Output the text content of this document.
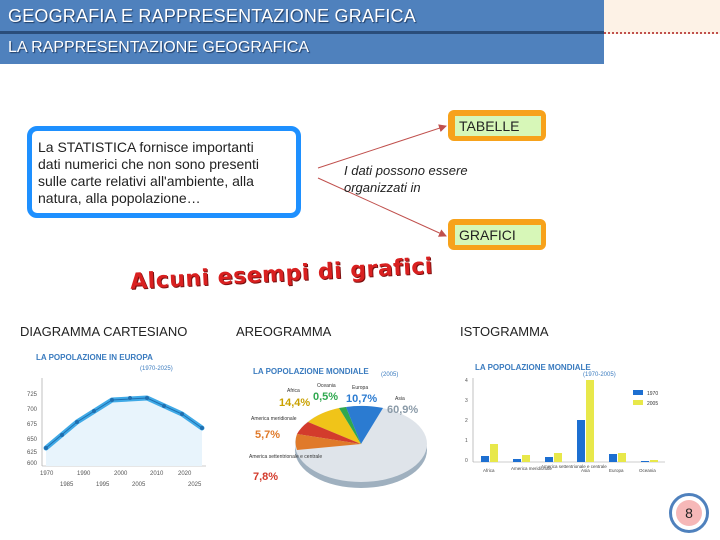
GEOGRAFIA E RAPPRESENTAZIONE GRAFICA
LA RAPPRESENTAZIONE GEOGRAFICA
La STATISTICA fornisce importanti
dati numerici che non sono presenti
sulle carte relativi all'ambiente, alla
natura, alla popolazione…
TABELLE
GRAFICI
I dati possono essere
organizzati in
Alcuni esempi di grafici
DIAGRAMMA CARTESIANO	AREOGRAMMA	ISTOGRAMMA
LA POPOLAZIONE IN EUROPA
(1970-2025)
725
700
675
650
625
600
1970	1990	2000	2010 2020
1985	1995	2005	2025
LA POPOLAZIONE MONDIALE (2005)
Africa
14,4%
Oceania
0,5%
Europa
10,7%	Asia
60,9%
America meridionale
5,7%
America settentrionale e centrale
7,8%
LA POPOLAZIONE MONDIALE
(1970-2005)
1970
2005
4
3
2
1
0
Africa	America meridionale
America settentrionale e centrale
Asia	Europa	Oceania
8
